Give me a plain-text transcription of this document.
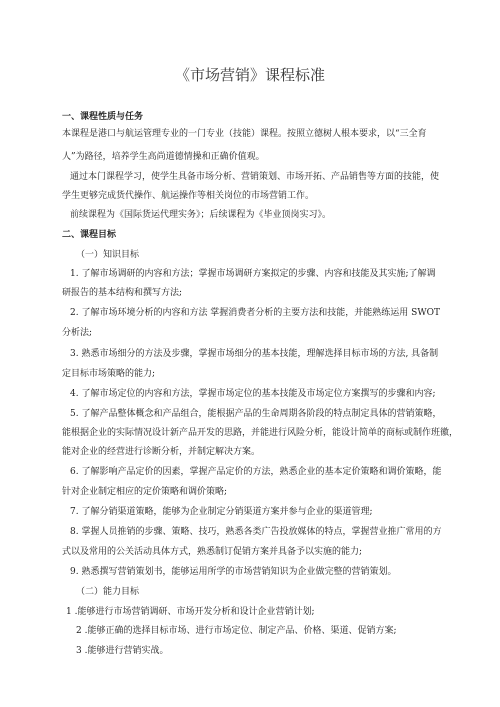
《市场营销》课程标准
一、课程性质与任务
本课程是港口与航运管理专业的一门专业（技能）课程。按照立德树人根本要求，以“三全育
人”为路径，培养学生高尚道德情操和正确价值观。
通过本门课程学习，使学生具备市场分析、营销策划、市场开拓、产品销售等方面的技能，使
学生更够完成货代操作、航运操作等相关岗位的市场营销工作。
前续课程为《国际货运代理实务》；后续课程为《毕业顶岗实习》。
二、课程目标
（一）知识目标
1. 了解市场调研的内容和方法；掌握市场调研方案拟定的步骤、内容和技能及其实施;了解调
研报告的基本结构和撰写方法;
2. 了解市场环境分析的内容和方法 掌握消费者分析的主要方法和技能，并能熟练运用 SWOT
分析法;
3. 熟悉市场细分的方法及步骤，掌握市场细分的基本技能，理解选择目标市场的方法, 具备制
定目标市场策略的能力;
4. 了解市场定位的内容和方法，掌握市场定位的基本技能及市场定位方案撰写的步骤和内容;
5. 了解产品整体概念和产品组合，能根据产品的生命周期各阶段的特点制定具体的营销策略，
能根据企业的实际情况设计新产品开发的思路，并能进行风险分析，能设计简单的商标或制作班徽，
能对企业的经营进行诊断分析，并制定解决方案。
6. 了解影响产品定价的因素，掌握产品定价的方法，熟悉企业的基本定价策略和调价策略，能
针对企业制定相应的定价策略和调价策略;
7. 了解分销渠道策略，能够为企业制定分销渠道方案并参与企业的渠道管理;
8. 掌握人员推销的步骤、策略、技巧，熟悉各类广告投放媒体的特点，掌握营业推广常用的方
式以及常用的公关活动具体方式，熟悉制订促销方案并具备予以实施的能力;
9. 熟悉撰写营销策划书，能够运用所学的市场营销知识为企业做完整的营销策划。
（二）能力目标
1 .能够进行市场营销调研、市场开发分析和设计企业营销计划;
2 .能够正确的选择目标市场、进行市场定位、制定产品、价格、渠道、促销方案;
3 .能够进行营销实战。
